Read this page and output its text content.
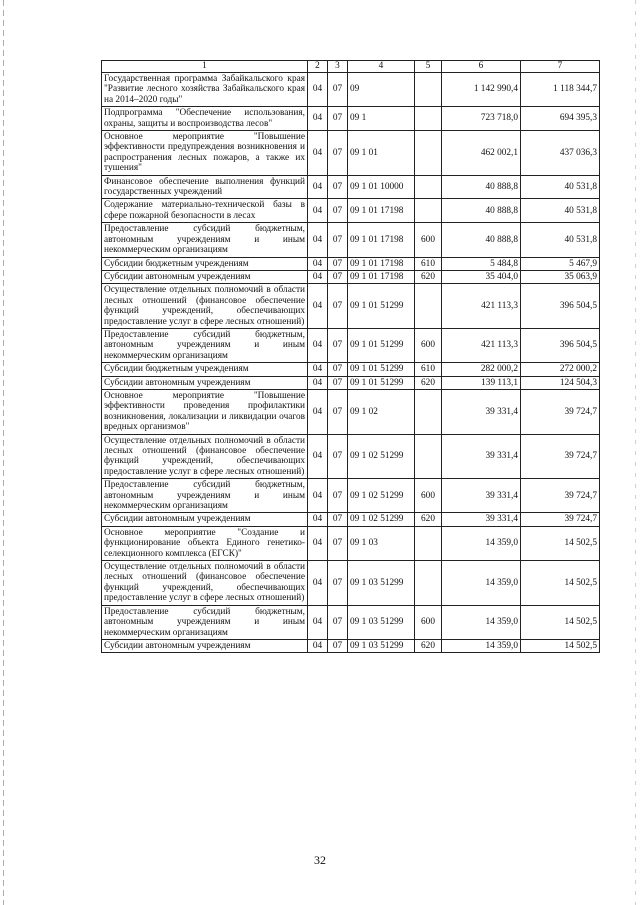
1	2	3	4	5	6	7
Государственная программа Забайкальского края "Развитие лесного хозяйства Забайкальского края на 2014–2020 годы"	04	07	09		1 142 990,4	1 118 344,7
Подпрограмма "Обеспечение использования, охраны, защиты и воспроизводства лесов"	04	07	09 1		723 718,0	694 395,3
Основное мероприятие "Повышение эффективности предупреждения возникновения и распространения лесных пожаров, а также их тушения"	04	07	09 1 01		462 002,1	437 036,3
Финансовое обеспечение выполнения функций государственных учреждений	04	07	09 1 01 10000		40 888,8	40 531,8
Содержание материально-технической базы в сфере пожарной безопасности в лесах	04	07	09 1 01 17198		40 888,8	40 531,8
Предоставление субсидий бюджетным, автономным учреждениям и иным некоммерческим организациям	04	07	09 1 01 17198	600	40 888,8	40 531,8
Субсидии бюджетным учреждениям	04	07	09 1 01 17198	610	5 484,8	5 467,9
Субсидии автономным учреждениям	04	07	09 1 01 17198	620	35 404,0	35 063,9
Осуществление отдельных полномочий в области лесных отношений (финансовое обеспечение функций учреждений, обеспечивающих предоставление услуг в сфере лесных отношений)	04	07	09 1 01 51299		421 113,3	396 504,5
Предоставление субсидий бюджетным, автономным учреждениям и иным некоммерческим организациям	04	07	09 1 01 51299	600	421 113,3	396 504,5
Субсидии бюджетным учреждениям	04	07	09 1 01 51299	610	282 000,2	272 000,2
Субсидии автономным учреждениям	04	07	09 1 01 51299	620	139 113,1	124 504,3
Основное мероприятие "Повышение эффективности проведения профилактики возникновения, локализации и ликвидации очагов вредных организмов"	04	07	09 1 02		39 331,4	39 724,7
Осуществление отдельных полномочий в области лесных отношений (финансовое обеспечение функций учреждений, обеспечивающих предоставление услуг в сфере лесных отношений)	04	07	09 1 02 51299		39 331,4	39 724,7
Предоставление субсидий бюджетным, автономным учреждениям и иным некоммерческим организациям	04	07	09 1 02 51299	600	39 331,4	39 724,7
Субсидии автономным учреждениям	04	07	09 1 02 51299	620	39 331,4	39 724,7
Основное мероприятие "Создание и функционирование объекта Единого генетико-селекционного комплекса (ЕГСК)"	04	07	09 1 03		14 359,0	14 502,5
Осуществление отдельных полномочий в области лесных отношений (финансовое обеспечение функций учреждений, обеспечивающих предоставление услуг в сфере лесных отношений)	04	07	09 1 03 51299		14 359,0	14 502,5
Предоставление субсидий бюджетным, автономным учреждениям и иным некоммерческим организациям	04	07	09 1 03 51299	600	14 359,0	14 502,5
Субсидии автономным учреждениям	04	07	09 1 03 51299	620	14 359,0	14 502,5
32
